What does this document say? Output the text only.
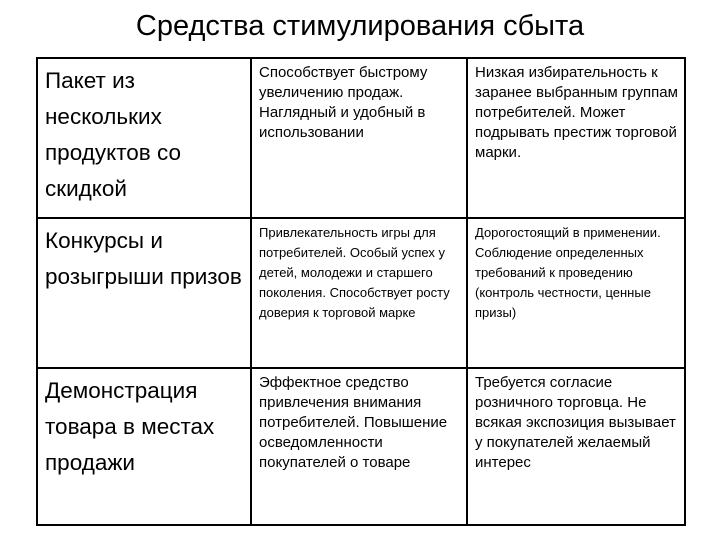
Средства стимулирования сбыта
Пакет из нескольких продуктов со скидкой	Способствует быстрому увеличению продаж. Наглядный и удобный в использовании	Низкая избирательность к заранее выбранным группам потребителей. Может подрывать престиж торговой марки.

Конкурсы и розыгрыши призов	Привлекательность игры для потребителей. Особый успех у детей, молодежи и старшего поколения. Способствует росту доверия к торговой марке	Дорогостоящий в применении. Соблюдение определенных требований к проведению (контроль честности, ценные призы)

Демонстрация товара в местах продажи	Эффектное средство привлечения внимания потребителей. Повышение осведомленности покупателей о товаре	Требуется согласие розничного торговца. Не всякая экспозиция вызывает у покупателей желаемый интерес
